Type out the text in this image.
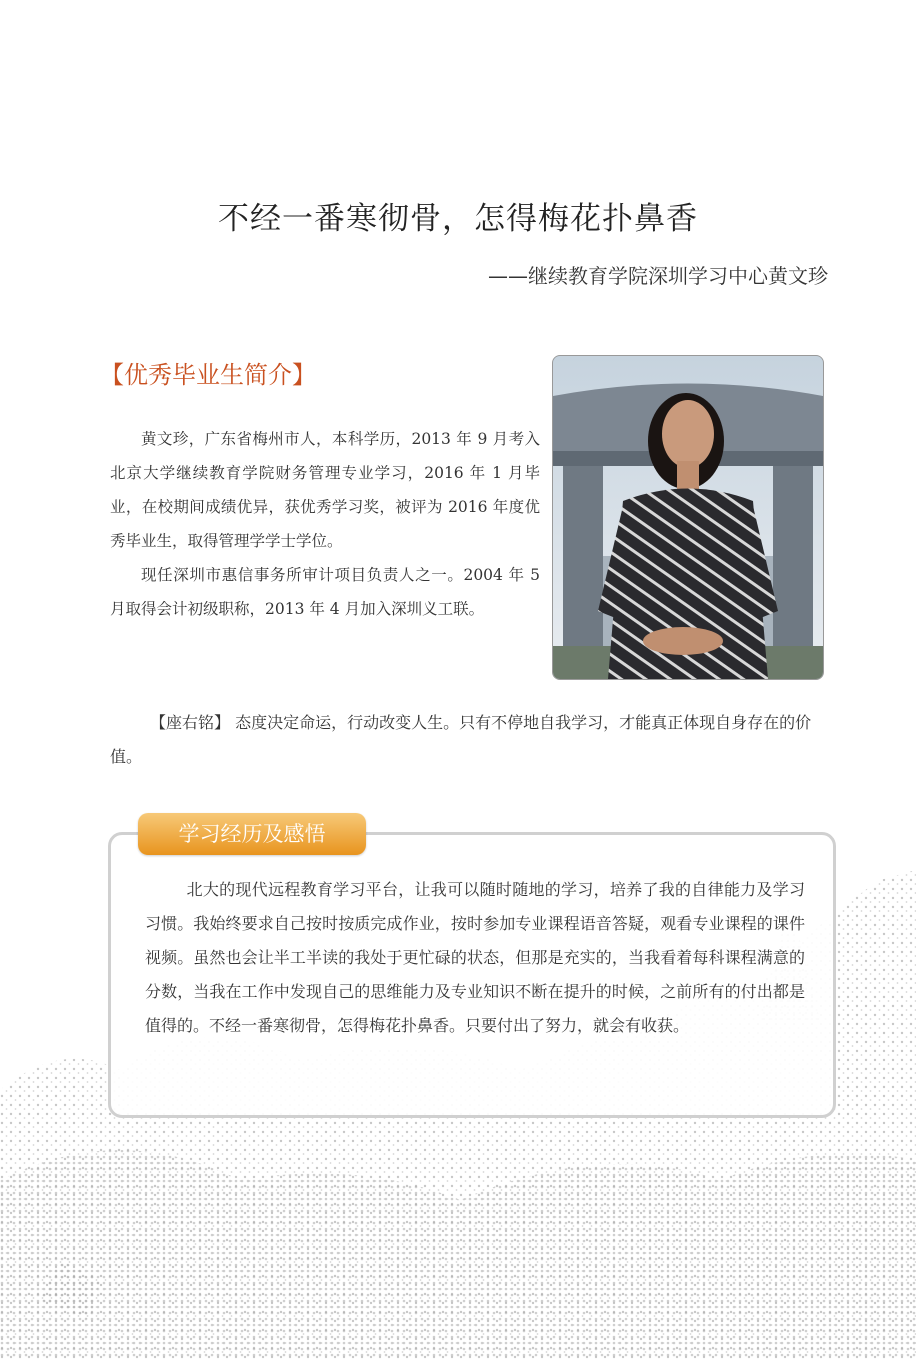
不经一番寒彻骨，怎得梅花扑鼻香
——继续教育学院深圳学习中心黄文珍
【优秀毕业生简介】

黄文珍，广东省梅州市人，本科学历，2013 年 9 月考入北京大学继续教育学院财务管理专业学习，2016 年 1 月毕业，在校期间成绩优异，获优秀学习奖，被评为 2016 年度优秀毕业生，取得管理学学士学位。

现任深圳市惠信事务所审计项目负责人之一。2004 年 5 月取得会计初级职称，2013 年 4 月加入深圳义工联。

【座右铭】 态度决定命运，行动改变人生。只有不停地自我学习，才能真正体现自身存在的价值。
学习经历及感悟
北大的现代远程教育学习平台，让我可以随时随地的学习，培养了我的自律能力及学习习惯。我始终要求自己按时按质完成作业，按时参加专业课程语音答疑，观看专业课程的课件视频。虽然也会让半工半读的我处于更忙碌的状态，但那是充实的，当我看着每科课程满意的分数，当我在工作中发现自己的思维能力及专业知识不断在提升的时候，之前所有的付出都是值得的。不经一番寒彻骨，怎得梅花扑鼻香。只要付出了努力，就会有收获。
